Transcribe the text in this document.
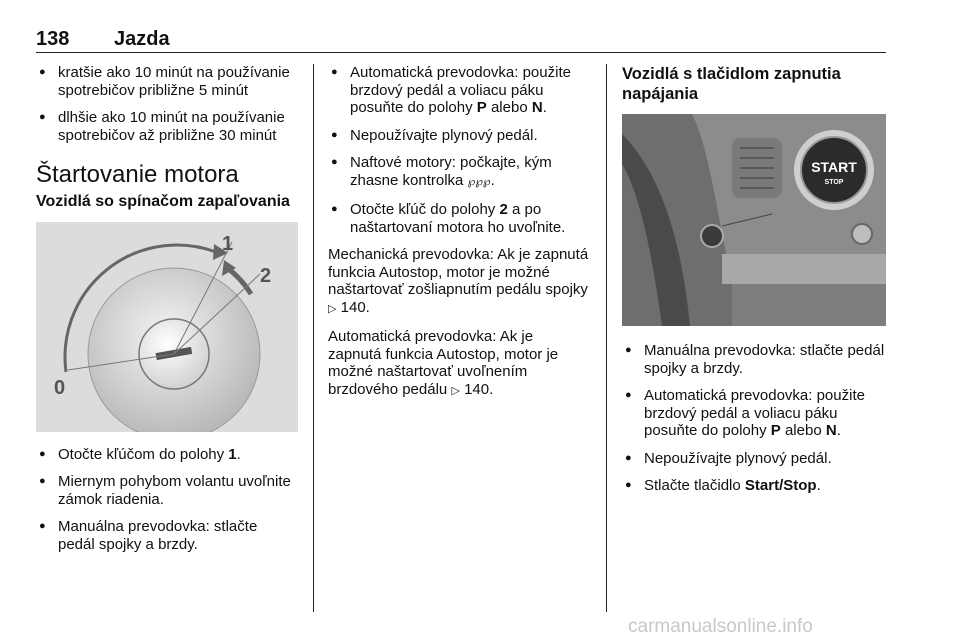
138 Jazda
● kratšie ako 10 minút na používanie spotrebičov približne 5 minút
● dlhšie ako 10 minút na používanie spotrebičov až približne 30 minút
Štartovanie motora
Vozidlá so spínačom zapaľovania
0
1
2
● Otočte kľúčom do polohy 1.
● Miernym pohybom volantu uvoľnite zámok riadenia.
● Manuálna prevodovka: stlačte pedál spojky a brzdy.
● Automatická prevodovka: použite brzdový pedál a voliacu páku posuňte do polohy P alebo N.
● Nepoužívajte plynový pedál.
● Naftové motory: počkajte, kým zhasne kontrolka ℘℘℘.
● Otočte kľúč do polohy 2 a po naštartovaní motora ho uvoľnite.

Mechanická prevodovka: Ak je zapnutá funkcia Autostop, motor je možné naštartovať zošliapnutím pedálu spojky ▷ 140.

Automatická prevodovka: Ak je zapnutá funkcia Autostop, motor je možné naštartovať uvoľnením brzdového pedálu ▷ 140.

Vozidlá s tlačidlom zapnutia napájania
START
STOP
● Manuálna prevodovka: stlačte pedál spojky a brzdy.
● Automatická prevodovka: použite brzdový pedál a voliacu páku posuňte do polohy P alebo N.
● Nepoužívajte plynový pedál.
● Stlačte tlačidlo Start/Stop.
carmanualsonline.info
